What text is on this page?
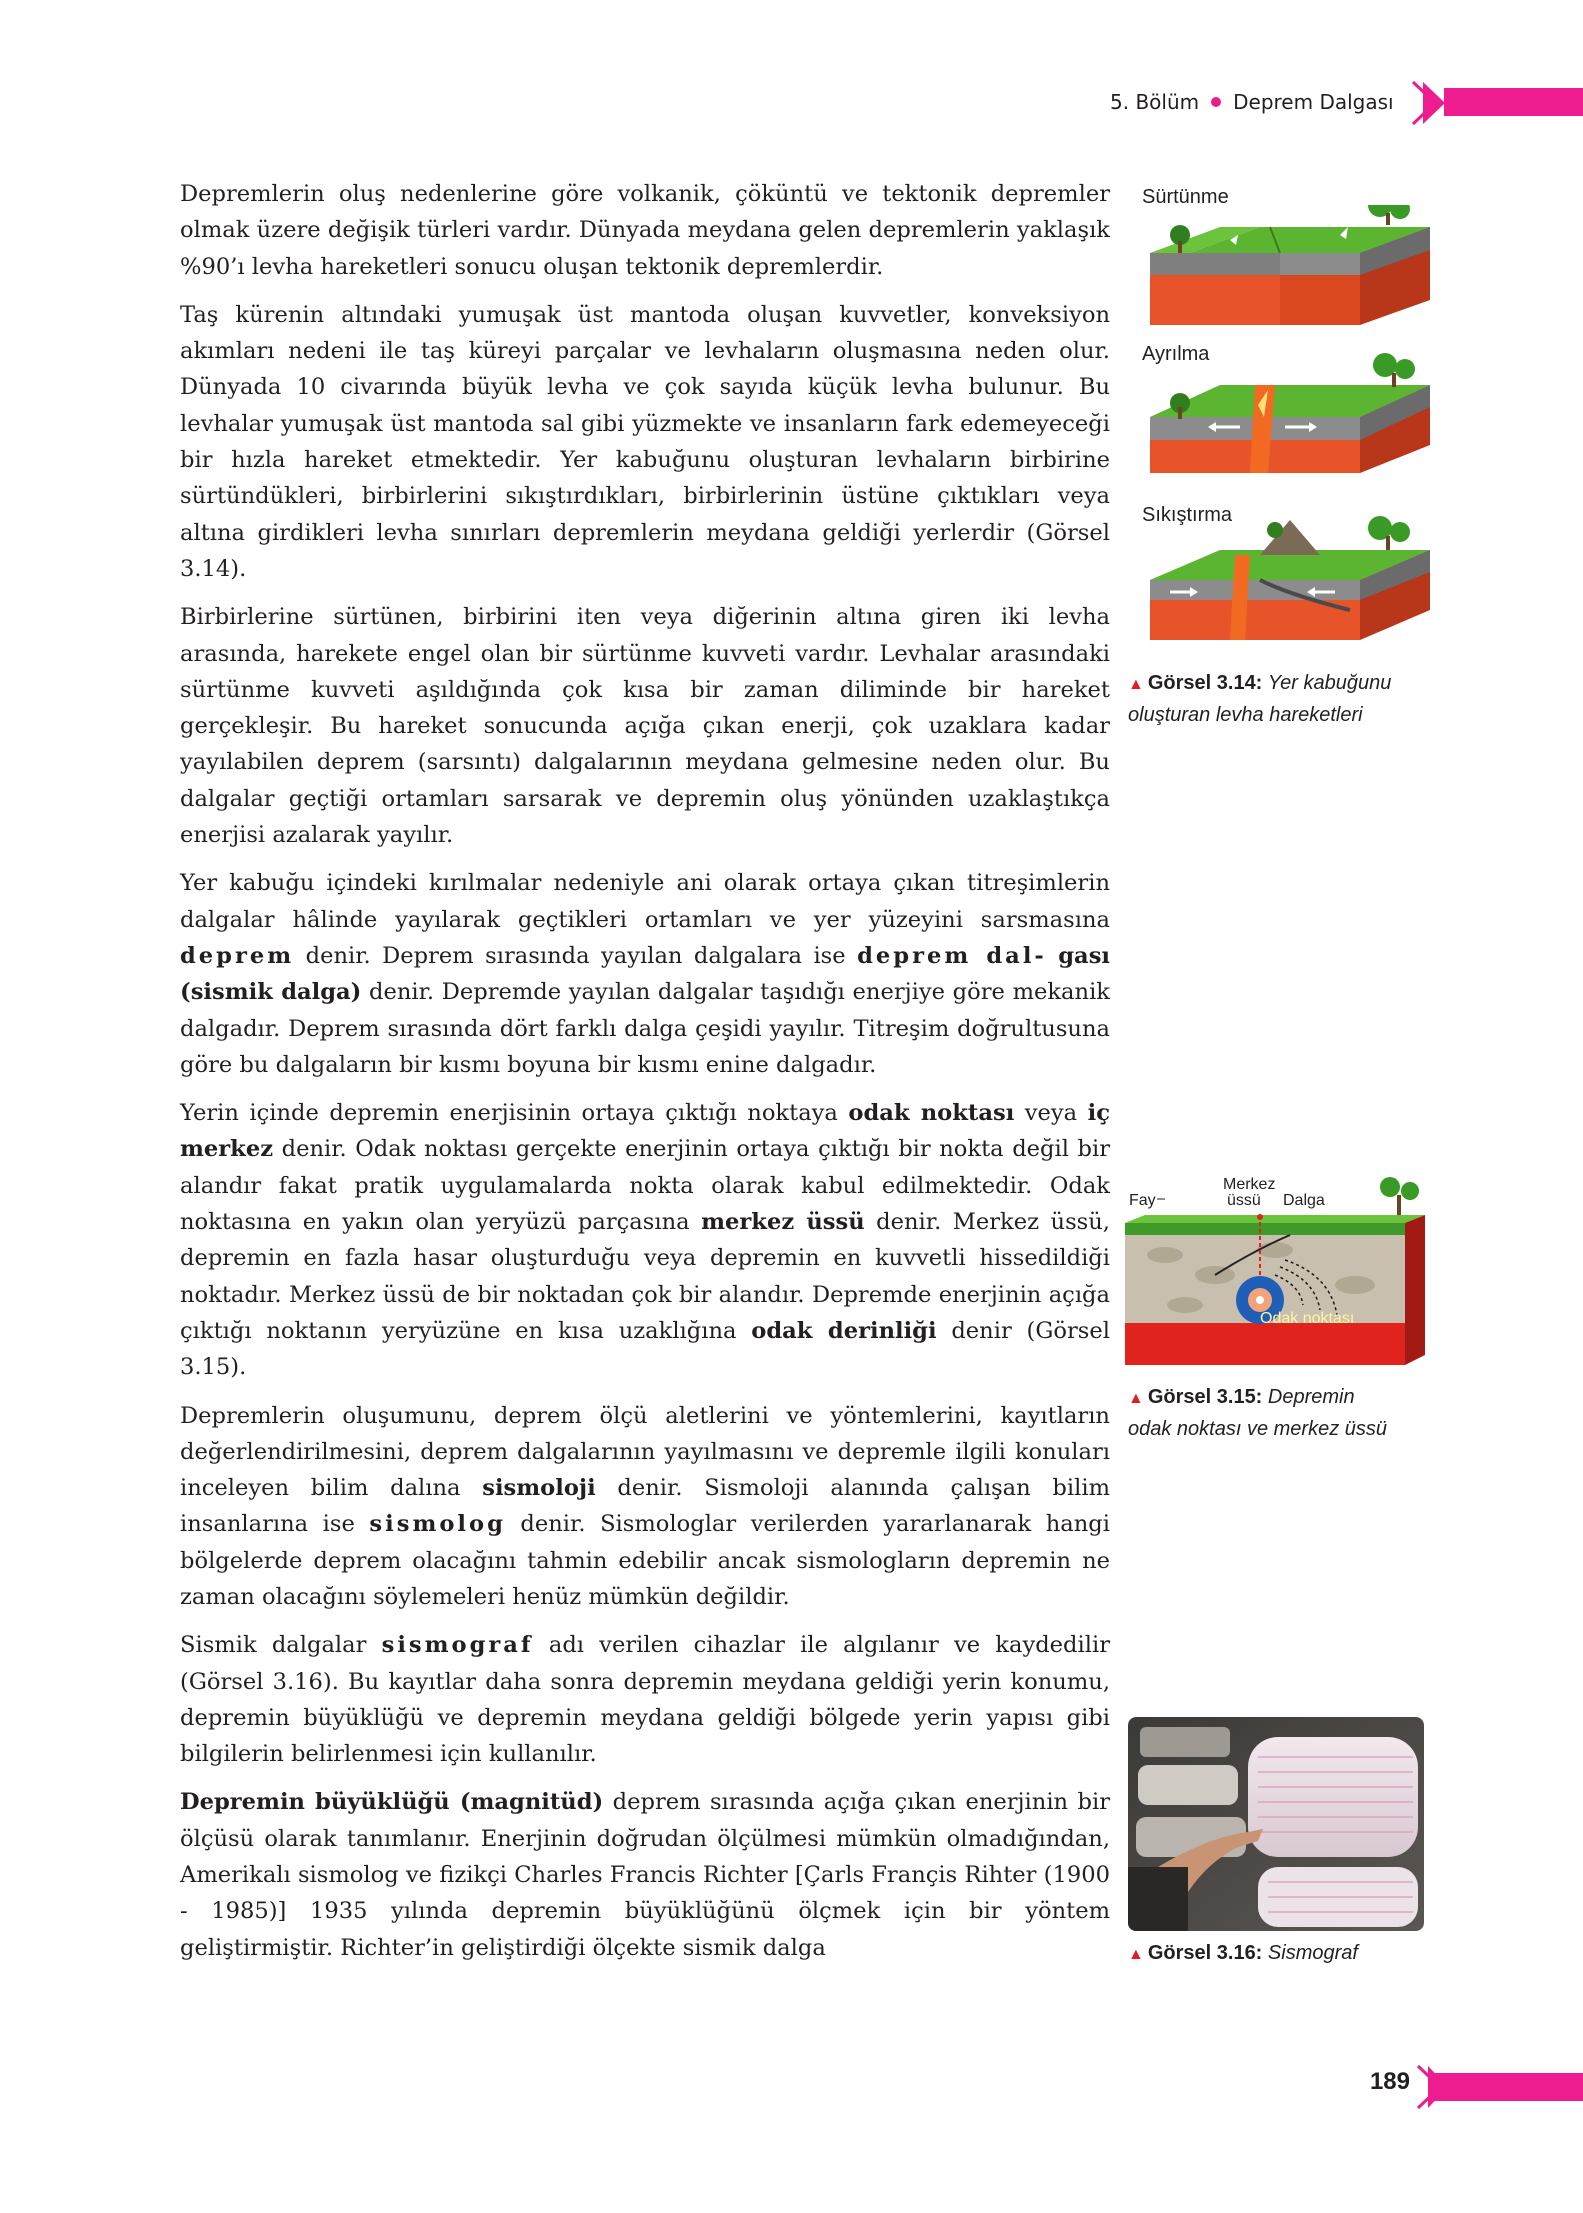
5. Bölüm Deprem Dalgası

Depremlerin oluş nedenlerine göre volkanik, çöküntü ve tektonik depremler olmak üzere değişik türleri vardır. Dünyada meydana gelen depremlerin yaklaşık %90’ı levha hareketleri sonucu oluşan tektonik depremlerdir.

Taş kürenin altındaki yumuşak üst mantoda oluşan kuvvetler, konveksiyon akımları nedeni ile taş küreyi parçalar ve levhaların oluşmasına neden olur. Dünyada 10 civarında büyük levha ve çok sayıda küçük levha bulunur. Bu levhalar yumuşak üst mantoda sal gibi yüzmekte ve insanların fark edemeyeceği bir hızla hareket etmektedir. Yer kabuğunu oluşturan levhaların birbirine sürtündükleri, birbirlerini sıkıştırdıkları, birbirlerinin üstüne çıktıkları veya altına girdikleri levha sınırları depremlerin meydana geldiği yerlerdir (Görsel 3.14).

Birbirlerine sürtünen, birbirini iten veya diğerinin altına giren iki levha arasında, harekete engel olan bir sürtünme kuvveti vardır. Levhalar arasındaki sürtünme kuvveti aşıldığında çok kısa bir zaman diliminde bir hareket gerçekleşir. Bu hareket sonucunda açığa çıkan enerji, çok uzaklara kadar yayılabilen deprem (sarsıntı) dalgalarının meydana gelmesine neden olur. Bu dalgalar geçtiği ortamları sarsarak ve depremin oluş yönünden uzaklaştıkça enerjisi azalarak yayılır.

Yer kabuğu içindeki kırılmalar nedeniyle ani olarak ortaya çıkan titreşimlerin dalgalar hâlinde yayılarak geçtikleri ortamları ve yer yüzeyini sarsmasına deprem denir. Deprem sırasında yayılan dalgalara ise deprem dal- gası (sismik dalga) denir. Depremde yayılan dalgalar taşıdığı enerjiye göre mekanik dalgadır. Deprem sırasında dört farklı dalga çeşidi yayılır. Titreşim doğrultusuna göre bu dalgaların bir kısmı boyuna bir kısmı enine dalgadır.

Yerin içinde depremin enerjisinin ortaya çıktığı noktaya odak noktası veya iç merkez denir. Odak noktası gerçekte enerjinin ortaya çıktığı bir nokta değil bir alandır fakat pratik uygulamalarda nokta olarak kabul edilmektedir. Odak noktasına en yakın olan yeryüzü parçasına merkez üssü denir. Merkez üssü, depremin en fazla hasar oluşturduğu veya depremin en kuvvetli hissedildiği noktadır. Merkez üssü de bir noktadan çok bir alandır. Depremde enerjinin açığa çıktığı noktanın yeryüzüne en kısa uzaklığına odak derinliği denir (Görsel 3.15).

Depremlerin oluşumunu, deprem ölçü aletlerini ve yöntemlerini, kayıtların değerlendirilmesini, deprem dalgalarının yayılmasını ve depremle ilgili konuları inceleyen bilim dalına sismoloji denir. Sismoloji alanında çalışan bilim insanlarına ise sismolog denir. Sismologlar verilerden yararlanarak hangi bölgelerde deprem olacağını tahmin edebilir ancak sismologların depremin ne zaman olacağını söylemeleri henüz mümkün değildir.

Sismik dalgalar sismograf adı verilen cihazlar ile algılanır ve kaydedilir (Görsel 3.16). Bu kayıtlar daha sonra depremin meydana geldiği yerin konumu, depremin büyüklüğü ve depremin meydana geldiği bölgede yerin yapısı gibi bilgilerin belirlenmesi için kullanılır.

Depremin büyüklüğü (magnitüd) deprem sırasında açığa çıkan enerjinin bir ölçüsü olarak tanımlanır. Enerjinin doğrudan ölçülmesi mümkün olmadığından, Amerikalı sismolog ve fizikçi Charles Francis Richter [Çarls Françis Rihter (1900 - 1985)] 1935 yılında depremin büyüklüğünü ölçmek için bir yöntem geliştirmiştir. Richter’in geliştirdiği ölçekte sismik dalga

Sürtünme
Ayrılma
Sıkıştırma
▲ Görsel 3.14: Yer kabuğunu
oluşturan levha hareketleri
Fay
Merkez
üssü Dalga
Odak noktası
▲ Görsel 3.15: Depremin
odak noktası ve merkez üssü
▲ Görsel 3.16: Sismograf
189
